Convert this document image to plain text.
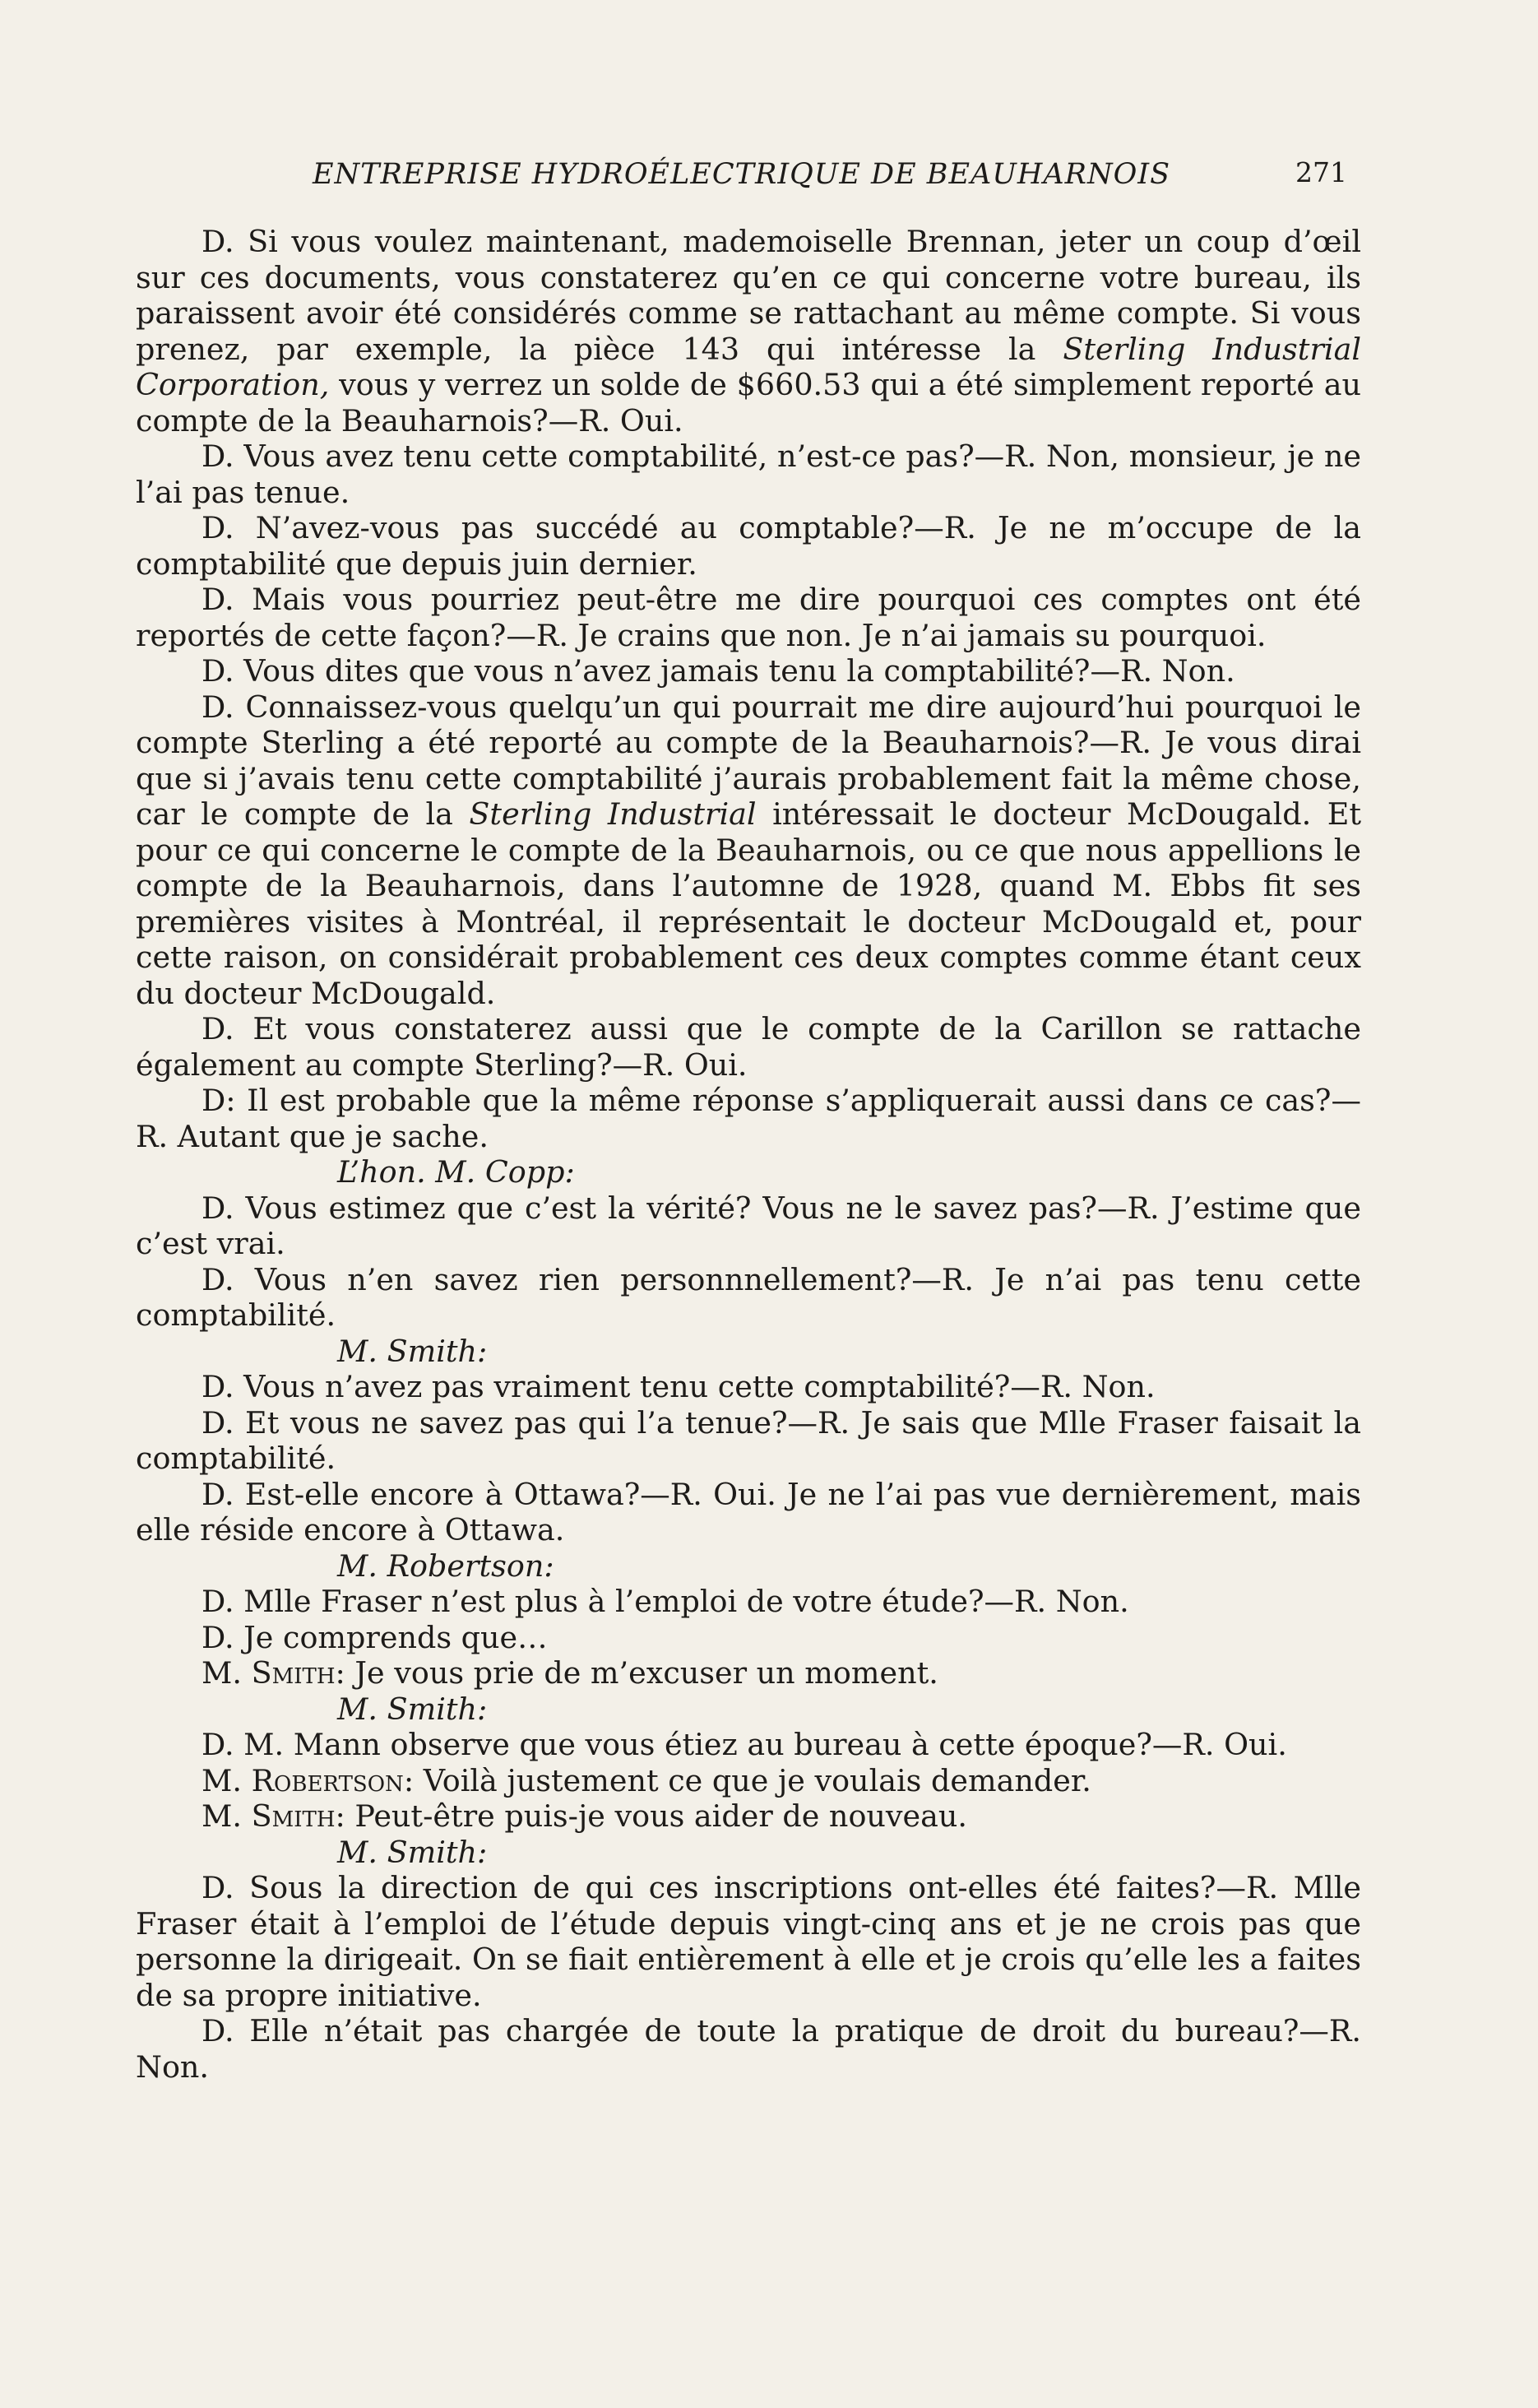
ENTREPRISE HYDROÉLECTRIQUE DE BEAUHARNOIS	271

D. Si vous voulez maintenant, mademoiselle Brennan, jeter un coup d’œil sur ces documents, vous constaterez qu’en ce qui concerne votre bureau, ils paraissent avoir été considérés comme se rattachant au même compte. Si vous prenez, par exemple, la pièce 143 qui intéresse la Sterling Industrial Corporation, vous y verrez un solde de $660.53 qui a été simplement reporté au compte de la Beauharnois?—R. Oui.

D. Vous avez tenu cette comptabilité, n’est-ce pas?—R. Non, monsieur, je ne l’ai pas tenue.

D. N’avez-vous pas succédé au comptable?—R. Je ne m’occupe de la comptabilité que depuis juin dernier.

D. Mais vous pourriez peut-être me dire pourquoi ces comptes ont été reportés de cette façon?—R. Je crains que non. Je n’ai jamais su pourquoi.

D. Vous dites que vous n’avez jamais tenu la comptabilité?—R. Non.

D. Connaissez-vous quelqu’un qui pourrait me dire aujourd’hui pourquoi le compte Sterling a été reporté au compte de la Beauharnois?—R. Je vous dirai que si j’avais tenu cette comptabilité j’aurais probablement fait la même chose, car le compte de la Sterling Industrial intéressait le docteur McDougald. Et pour ce qui concerne le compte de la Beauharnois, ou ce que nous appellions le compte de la Beauharnois, dans l’automne de 1928, quand M. Ebbs fit ses premières visites à Montréal, il représentait le docteur McDougald et, pour cette raison, on considérait probablement ces deux comptes comme étant ceux du docteur McDougald.

D. Et vous constaterez aussi que le compte de la Carillon se rattache également au compte Sterling?—R. Oui.

D: Il est probable que la même réponse s’appliquerait aussi dans ce cas?—R. Autant que je sache.

L’hon. M. Copp:

D. Vous estimez que c’est la vérité? Vous ne le savez pas?—R. J’estime que c’est vrai.

D. Vous n’en savez rien personnnellement?—R. Je n’ai pas tenu cette comptabilité.

M. Smith:

D. Vous n’avez pas vraiment tenu cette comptabilité?—R. Non.

D. Et vous ne savez pas qui l’a tenue?—R. Je sais que Mlle Fraser faisait la comptabilité.

D. Est-elle encore à Ottawa?—R. Oui. Je ne l’ai pas vue dernièrement, mais elle réside encore à Ottawa.

M. Robertson:

D. Mlle Fraser n’est plus à l’emploi de votre étude?—R. Non.

D. Je comprends que…

M. Smith: Je vous prie de m’excuser un moment.

M. Smith:

D. M. Mann observe que vous étiez au bureau à cette époque?—R. Oui.

M. Robertson: Voilà justement ce que je voulais demander.

M. Smith: Peut-être puis-je vous aider de nouveau.

M. Smith:

D. Sous la direction de qui ces inscriptions ont-elles été faites?—R. Mlle Fraser était à l’emploi de l’étude depuis vingt-cinq ans et je ne crois pas que personne la dirigeait. On se fiait entièrement à elle et je crois qu’elle les a faites de sa propre initiative.

D. Elle n’était pas chargée de toute la pratique de droit du bureau?—R. Non.
